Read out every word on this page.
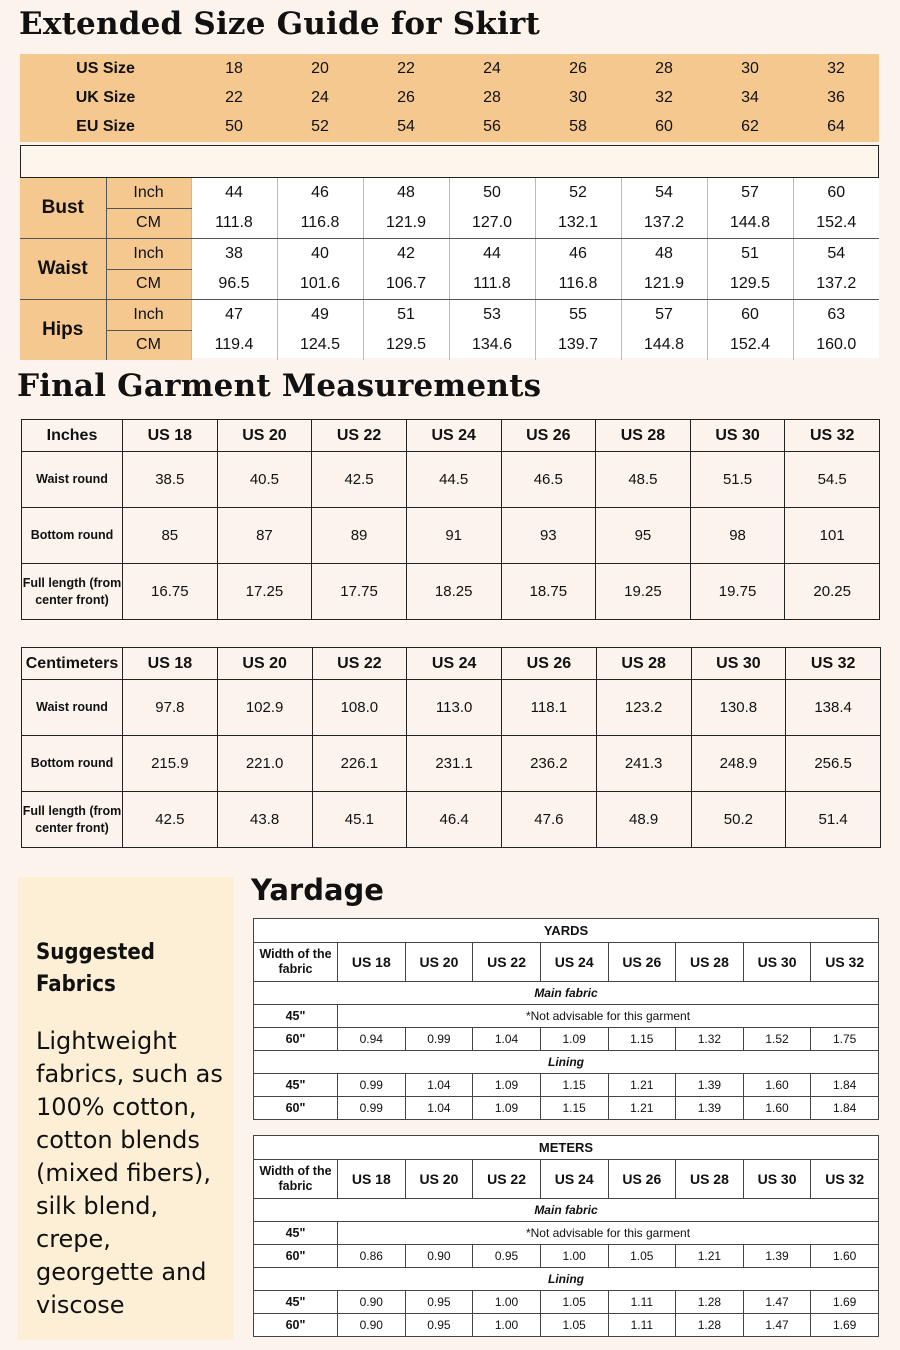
Extended Size Guide for Skirt
US Size	18	20	22	24	26	28	30	32
UK Size	22	24	26	28	30	32	34	36
EU Size	50	52	54	56	58	60	62	64
Bust	Inch	44	46	48	50	52	54	57	60
	CM	111.8	116.8	121.9	127.0	132.1	137.2	144.8	152.4
Waist	Inch	38	40	42	44	46	48	51	54
	CM	96.5	101.6	106.7	111.8	116.8	121.9	129.5	137.2
Hips	Inch	47	49	51	53	55	57	60	63
	CM	119.4	124.5	129.5	134.6	139.7	144.8	152.4	160.0
Final Garment Measurements
Inches	US 18	US 20	US 22	US 24	US 26	US 28	US 30	US 32
Waist round	38.5	40.5	42.5	44.5	46.5	48.5	51.5	54.5
Bottom round	85	87	89	91	93	95	98	101
Full length (from center front)	16.75	17.25	17.75	18.25	18.75	19.25	19.75	20.25
Centimeters	US 18	US 20	US 22	US 24	US 26	US 28	US 30	US 32
Waist round	97.8	102.9	108.0	113.0	118.1	123.2	130.8	138.4
Bottom round	215.9	221.0	226.1	231.1	236.2	241.3	248.9	256.5
Full length (from center front)	42.5	43.8	45.1	46.4	47.6	48.9	50.2	51.4
Suggested Fabrics
Lightweight fabrics, such as 100% cotton, cotton blends (mixed fibers), silk blend, crepe, georgette and viscose
Yardage
YARDS								
Width of the fabric	US 18	US 20	US 22	US 24	US 26	US 28	US 30	US 32
Main fabric								
45"	*Not advisable for this garment							
60"	0.94	0.99	1.04	1.09	1.15	1.32	1.52	1.75
Lining								
45"	0.99	1.04	1.09	1.15	1.21	1.39	1.60	1.84
60"	0.99	1.04	1.09	1.15	1.21	1.39	1.60	1.84
METERS								
Width of the fabric	US 18	US 20	US 22	US 24	US 26	US 28	US 30	US 32
Main fabric								
45"	*Not advisable for this garment							
60"	0.86	0.90	0.95	1.00	1.05	1.21	1.39	1.60
Lining								
45"	0.90	0.95	1.00	1.05	1.11	1.28	1.47	1.69
60"	0.90	0.95	1.00	1.05	1.11	1.28	1.47	1.69
